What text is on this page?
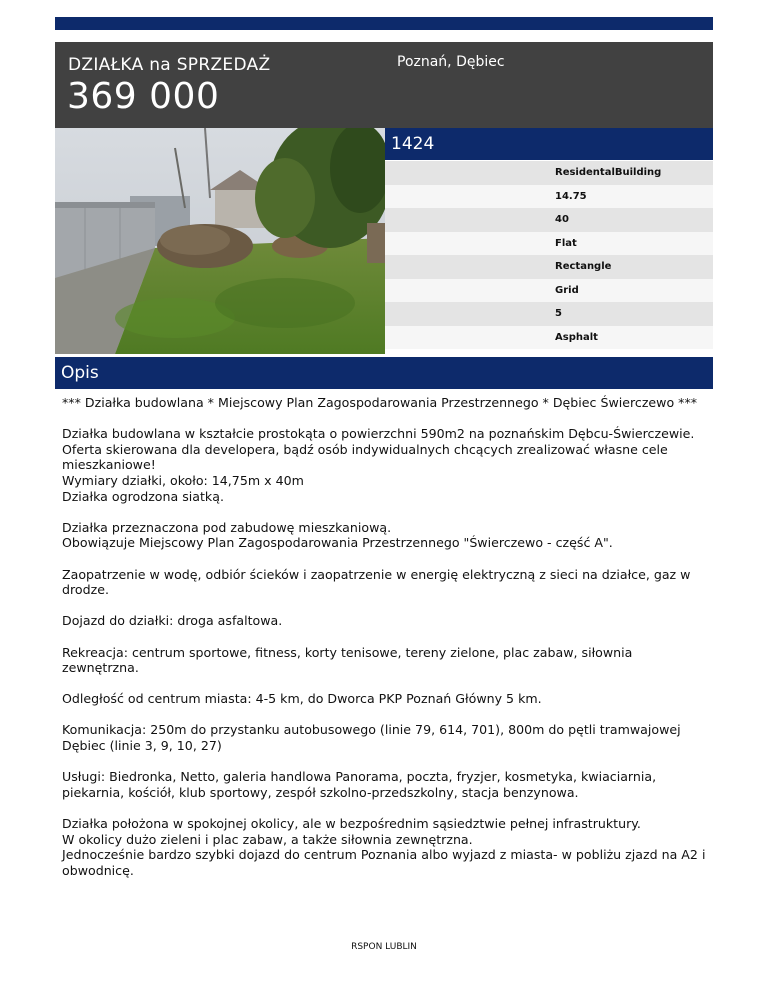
DZIAŁKA na SPRZEDAŻ
369 000
Poznań, Dębiec
1424
ResidentalBuilding
14.75
40
Flat
Rectangle
Grid
5
Asphalt
Opis

*** Działka budowlana * Miejscowy Plan Zagospodarowania Przestrzennego * Dębiec Świerczewo ***

Działka budowlana w kształcie prostokąta o powierzchni 590m2 na poznańskim Dębcu-Świerczewie.
Oferta skierowana dla developera, bądź osób indywidualnych chcących zrealizować własne cele mieszkaniowe!
Wymiary działki, około: 14,75m x 40m
Działka ogrodzona siatką.

Działka przeznaczona pod zabudowę mieszkaniową.
Obowiązuje Miejscowy Plan Zagospodarowania Przestrzennego "Świerczewo - część A".

Zaopatrzenie w wodę, odbiór ścieków i zaopatrzenie w energię elektryczną z sieci na działce, gaz w drodze.

Dojazd do działki: droga asfaltowa.

Rekreacja: centrum sportowe, fitness, korty tenisowe, tereny zielone, plac zabaw, siłownia zewnętrzna.

Odległość od centrum miasta: 4-5 km, do Dworca PKP Poznań Główny 5 km.

Komunikacja: 250m do przystanku autobusowego (linie 79, 614, 701), 800m do pętli tramwajowej Dębiec (linie 3, 9, 10, 27)

Usługi: Biedronka, Netto, galeria handlowa Panorama, poczta, fryzjer, kosmetyka, kwiaciarnia, piekarnia, kościół, klub sportowy, zespół szkolno-przedszkolny, stacja benzynowa.

Działka położona w spokojnej okolicy, ale w bezpośrednim sąsiedztwie pełnej infrastruktury.
W okolicy dużo zieleni i plac zabaw, a także siłownia zewnętrzna.
Jednocześnie bardzo szybki dojazd do centrum Poznania albo wyjazd z miasta- w pobliżu zjazd na A2 i obwodnicę.

RSPON LUBLIN
